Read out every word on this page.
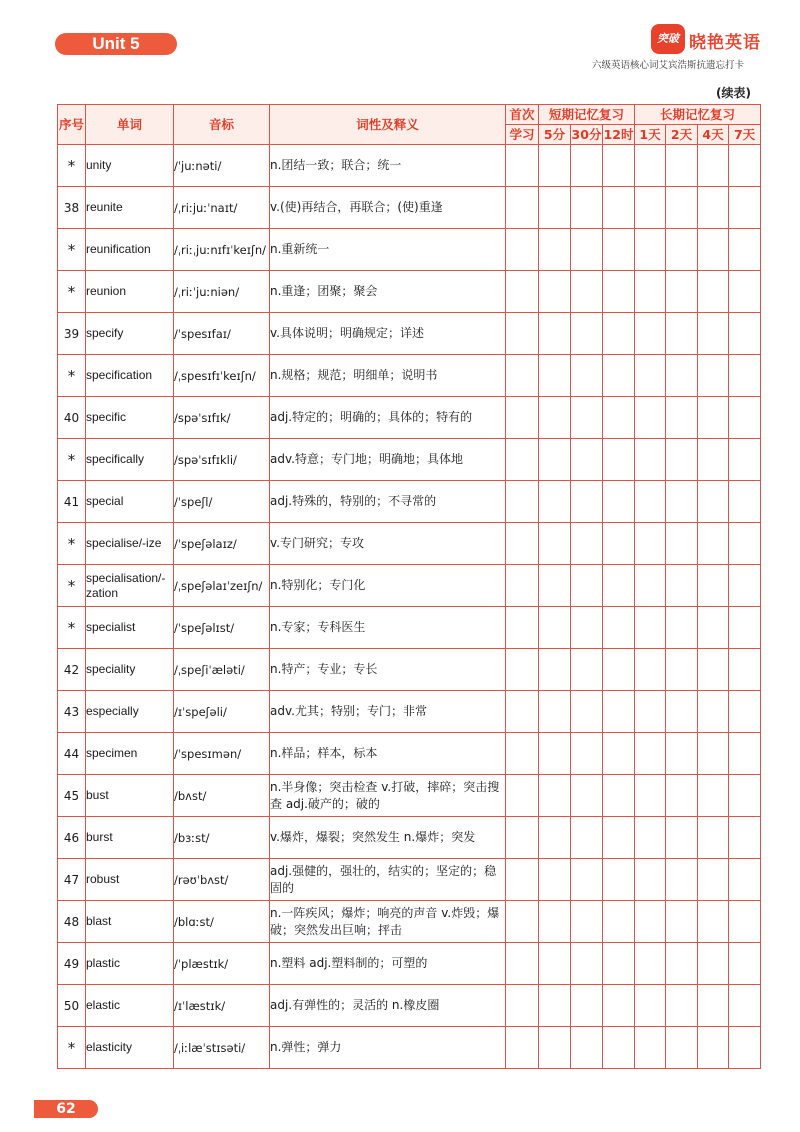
Unit 5	突破 晓艳英语
六级英语核心词艾宾浩斯抗遗忘打卡
(续表)
序号	单词	音标	词性及释义	首次	短期记忆复习			长期记忆复习			
				学习	5分	30分	12时	1天	2天	4天	7天
*	unity	/ˈjuːnəti/	n.团结一致；联合；统一								
38	reunite	/ˌriːjuːˈnaɪt/	v.(使)再结合，再联合；(使)重逢								
*	reunification	/ˌriːˌjuːnɪfɪˈkeɪʃn/	n.重新统一								
*	reunion	/ˌriːˈjuːniən/	n.重逢；团聚；聚会								
39	specify	/ˈspesɪfaɪ/	v.具体说明；明确规定；详述								
*	specification	/ˌspesɪfɪˈkeɪʃn/	n.规格；规范；明细单；说明书								
40	specific	/spəˈsɪfɪk/	adj.特定的；明确的；具体的；特有的								
*	specifically	/spəˈsɪfɪkli/	adv.特意；专门地；明确地；具体地								
41	special	/ˈspeʃl/	adj.特殊的，特别的；不寻常的								
*	specialise/-ize	/ˈspeʃəlaɪz/	v.专门研究；专攻								
*	specialisation/-zation	/ˌspeʃəlaɪˈzeɪʃn/	n.特别化；专门化								
*	specialist	/ˈspeʃəlɪst/	n.专家；专科医生								
42	speciality	/ˌspeʃiˈæləti/	n.特产；专业；专长								
43	especially	/ɪˈspeʃəli/	adv.尤其；特别；专门；非常								
44	specimen	/ˈspesɪmən/	n.样品；样本，标本								
45	bust	/bʌst/	n.半身像；突击检查 v.打破，摔碎；突击搜查 adj.破产的；破的								
46	burst	/bɜːst/	v.爆炸，爆裂；突然发生 n.爆炸；突发								
47	robust	/rəʊˈbʌst/	adj.强健的，强壮的，结实的；坚定的；稳固的								
48	blast	/blɑːst/	n.一阵疾风；爆炸；响亮的声音 v.炸毁；爆破；突然发出巨响；抨击								
49	plastic	/ˈplæstɪk/	n.塑料 adj.塑料制的；可塑的								
50	elastic	/ɪˈlæstɪk/	adj.有弹性的；灵活的 n.橡皮圈								
*	elasticity	/ˌiːlæˈstɪsəti/	n.弹性；弹力								
62
